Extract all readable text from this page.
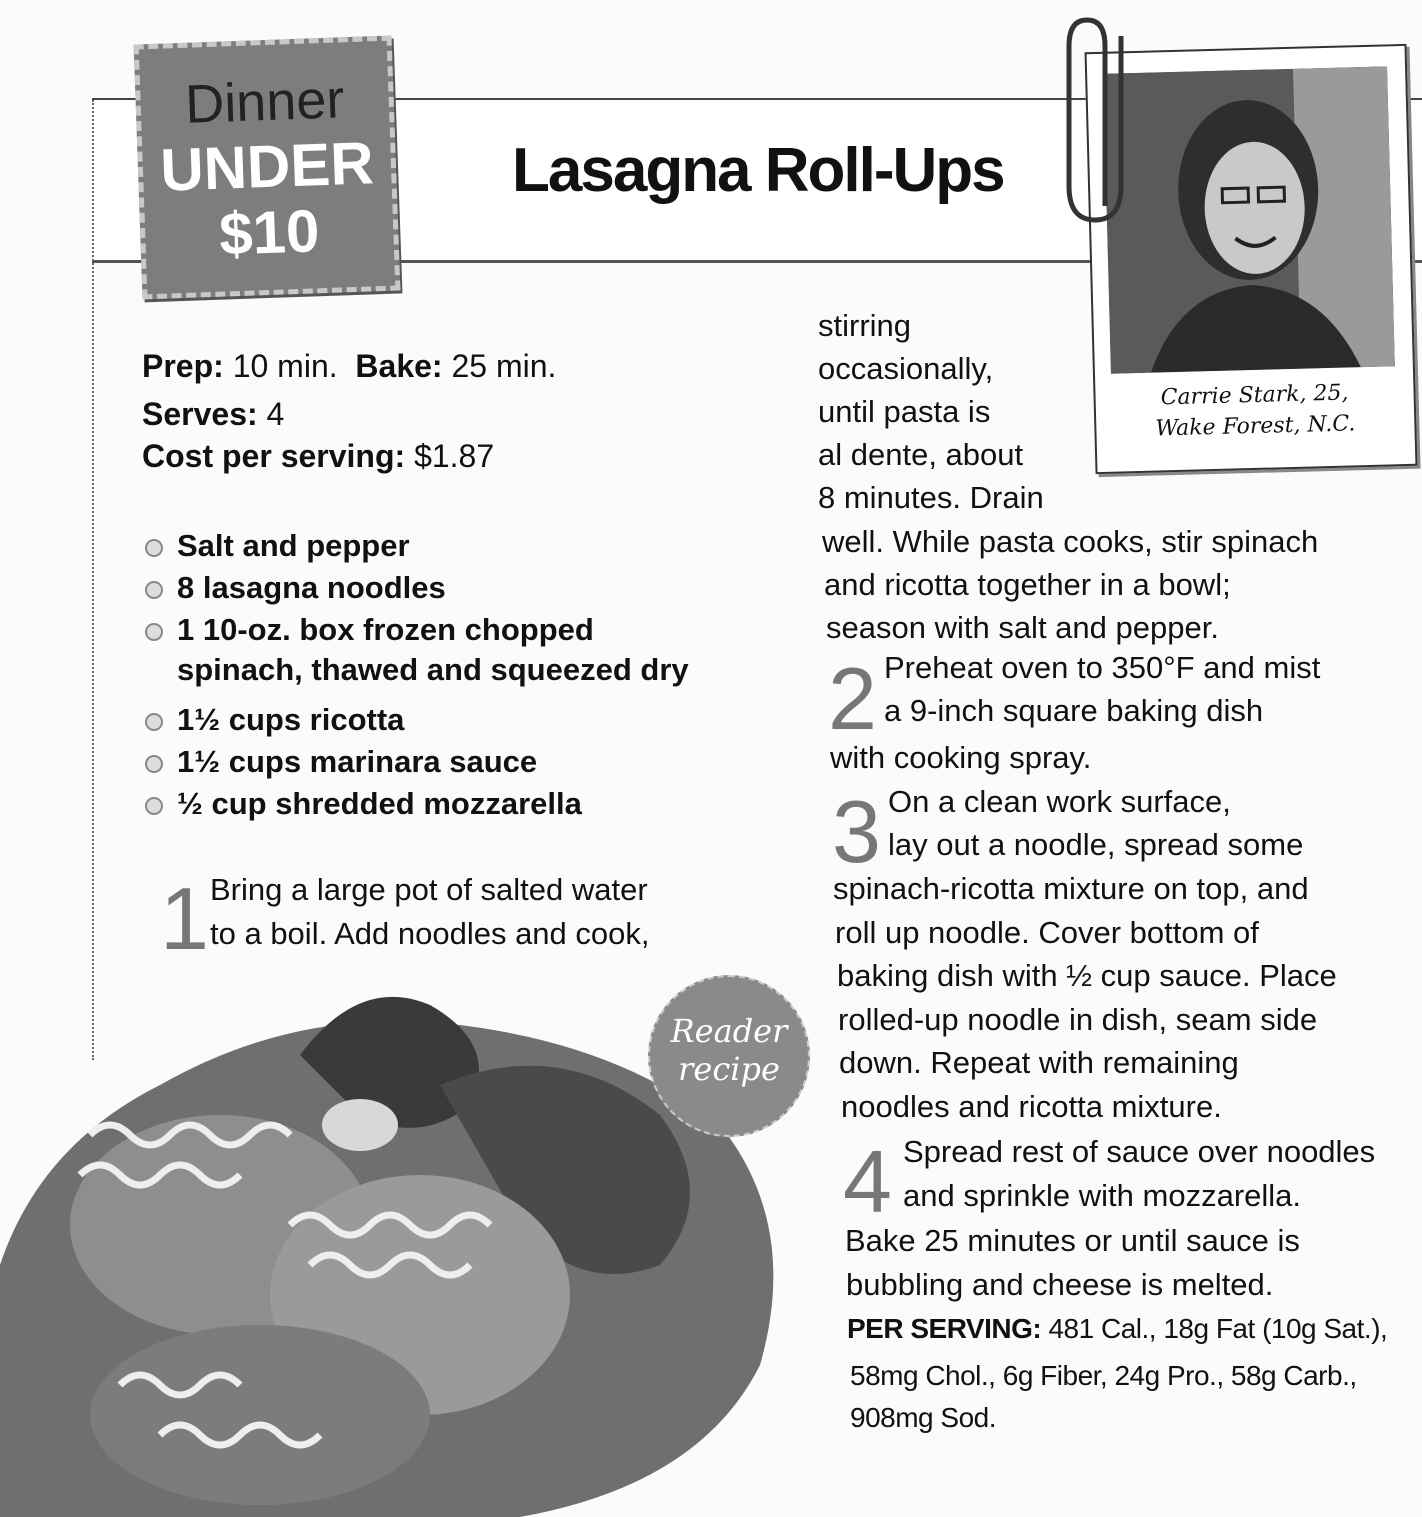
Dinner
UNDER
$10
Lasagna Roll-Ups
Carrie Stark, 25,
Wake Forest, N.C.
Prep: 10 min. Bake: 25 min.
Serves: 4
Cost per serving: $1.87
Salt and pepper
8 lasagna noodles
1 10-oz. box frozen chopped
spinach, thawed and squeezed dry
1½ cups ricotta
1½ cups marinara sauce
½ cup shredded mozzarella
1 Bring a large pot of salted water
to a boil. Add noodles and cook,
stirring
occasionally,
until pasta is
al dente, about
8 minutes. Drain
well. While pasta cooks, stir spinach
and ricotta together in a bowl;
season with salt and pepper.
2 Preheat oven to 350°F and mist
a 9-inch square baking dish
with cooking spray.
3 On a clean work surface,
lay out a noodle, spread some
spinach-ricotta mixture on top, and
roll up noodle. Cover bottom of
baking dish with ½ cup sauce. Place
rolled-up noodle in dish, seam side
down. Repeat with remaining
noodles and ricotta mixture.
4 Spread rest of sauce over noodles
and sprinkle with mozzarella.
Bake 25 minutes or until sauce is
bubbling and cheese is melted.
PER SERVING: 481 Cal., 18g Fat (10g Sat.),
58mg Chol., 6g Fiber, 24g Pro., 58g Carb.,
908mg Sod.
Reader
recipe
